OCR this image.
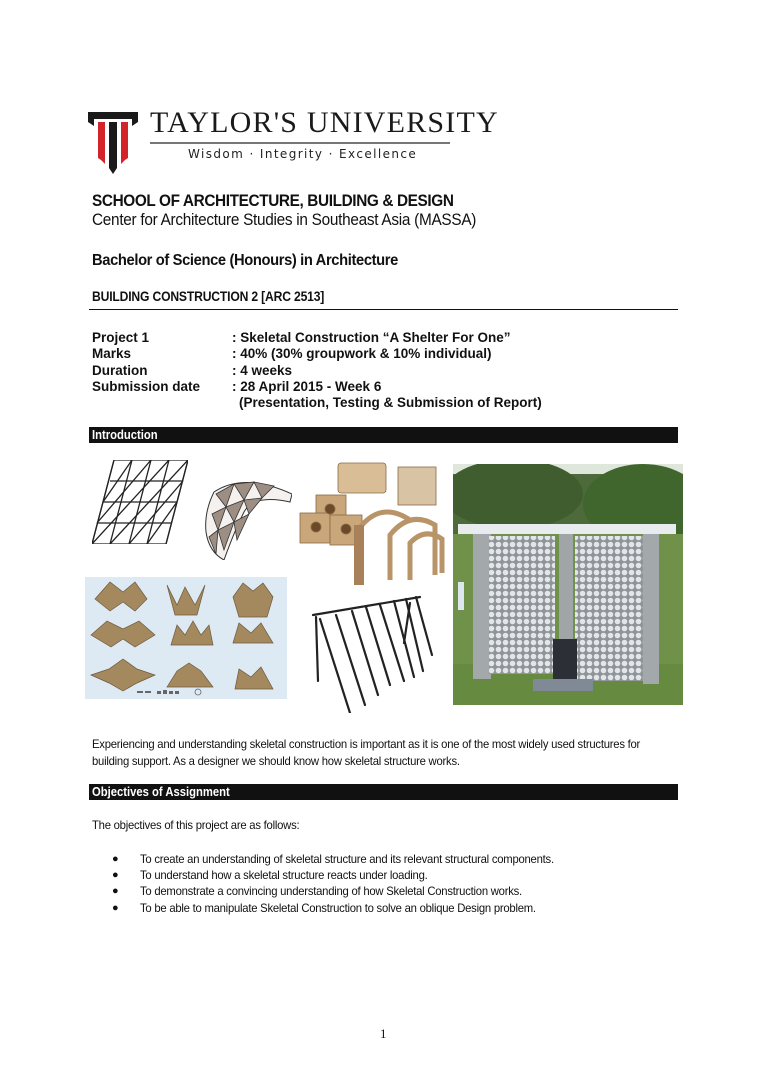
TAYLOR'S UNIVERSITY
Wisdom · Integrity · Excellence
SCHOOL OF ARCHITECTURE, BUILDING & DESIGN
Center for Architecture Studies in Southeast Asia (MASSA)
Bachelor of Science (Honours) in Architecture
BUILDING CONSTRUCTION 2 [ARC 2513]
Project 1	: Skeletal Construction “A Shelter For One”
Marks	: 40% (30% groupwork & 10% individual)
Duration	: 4 weeks
Submission date	: 28 April 2015 - Week 6
(Presentation, Testing & Submission of Report)
Introduction
Experiencing and understanding skeletal construction is important as it is one of the most widely used structures for building support. As a designer we should know how skeletal structure works.
Objectives of Assignment
The objectives of this project are as follows:
●	To create an understanding of skeletal structure and its relevant structural components.
●	To understand how a skeletal structure reacts under loading.
●	To demonstrate a convincing understanding of how Skeletal Construction works.
●	To be able to manipulate Skeletal Construction to solve an oblique Design problem.
1
